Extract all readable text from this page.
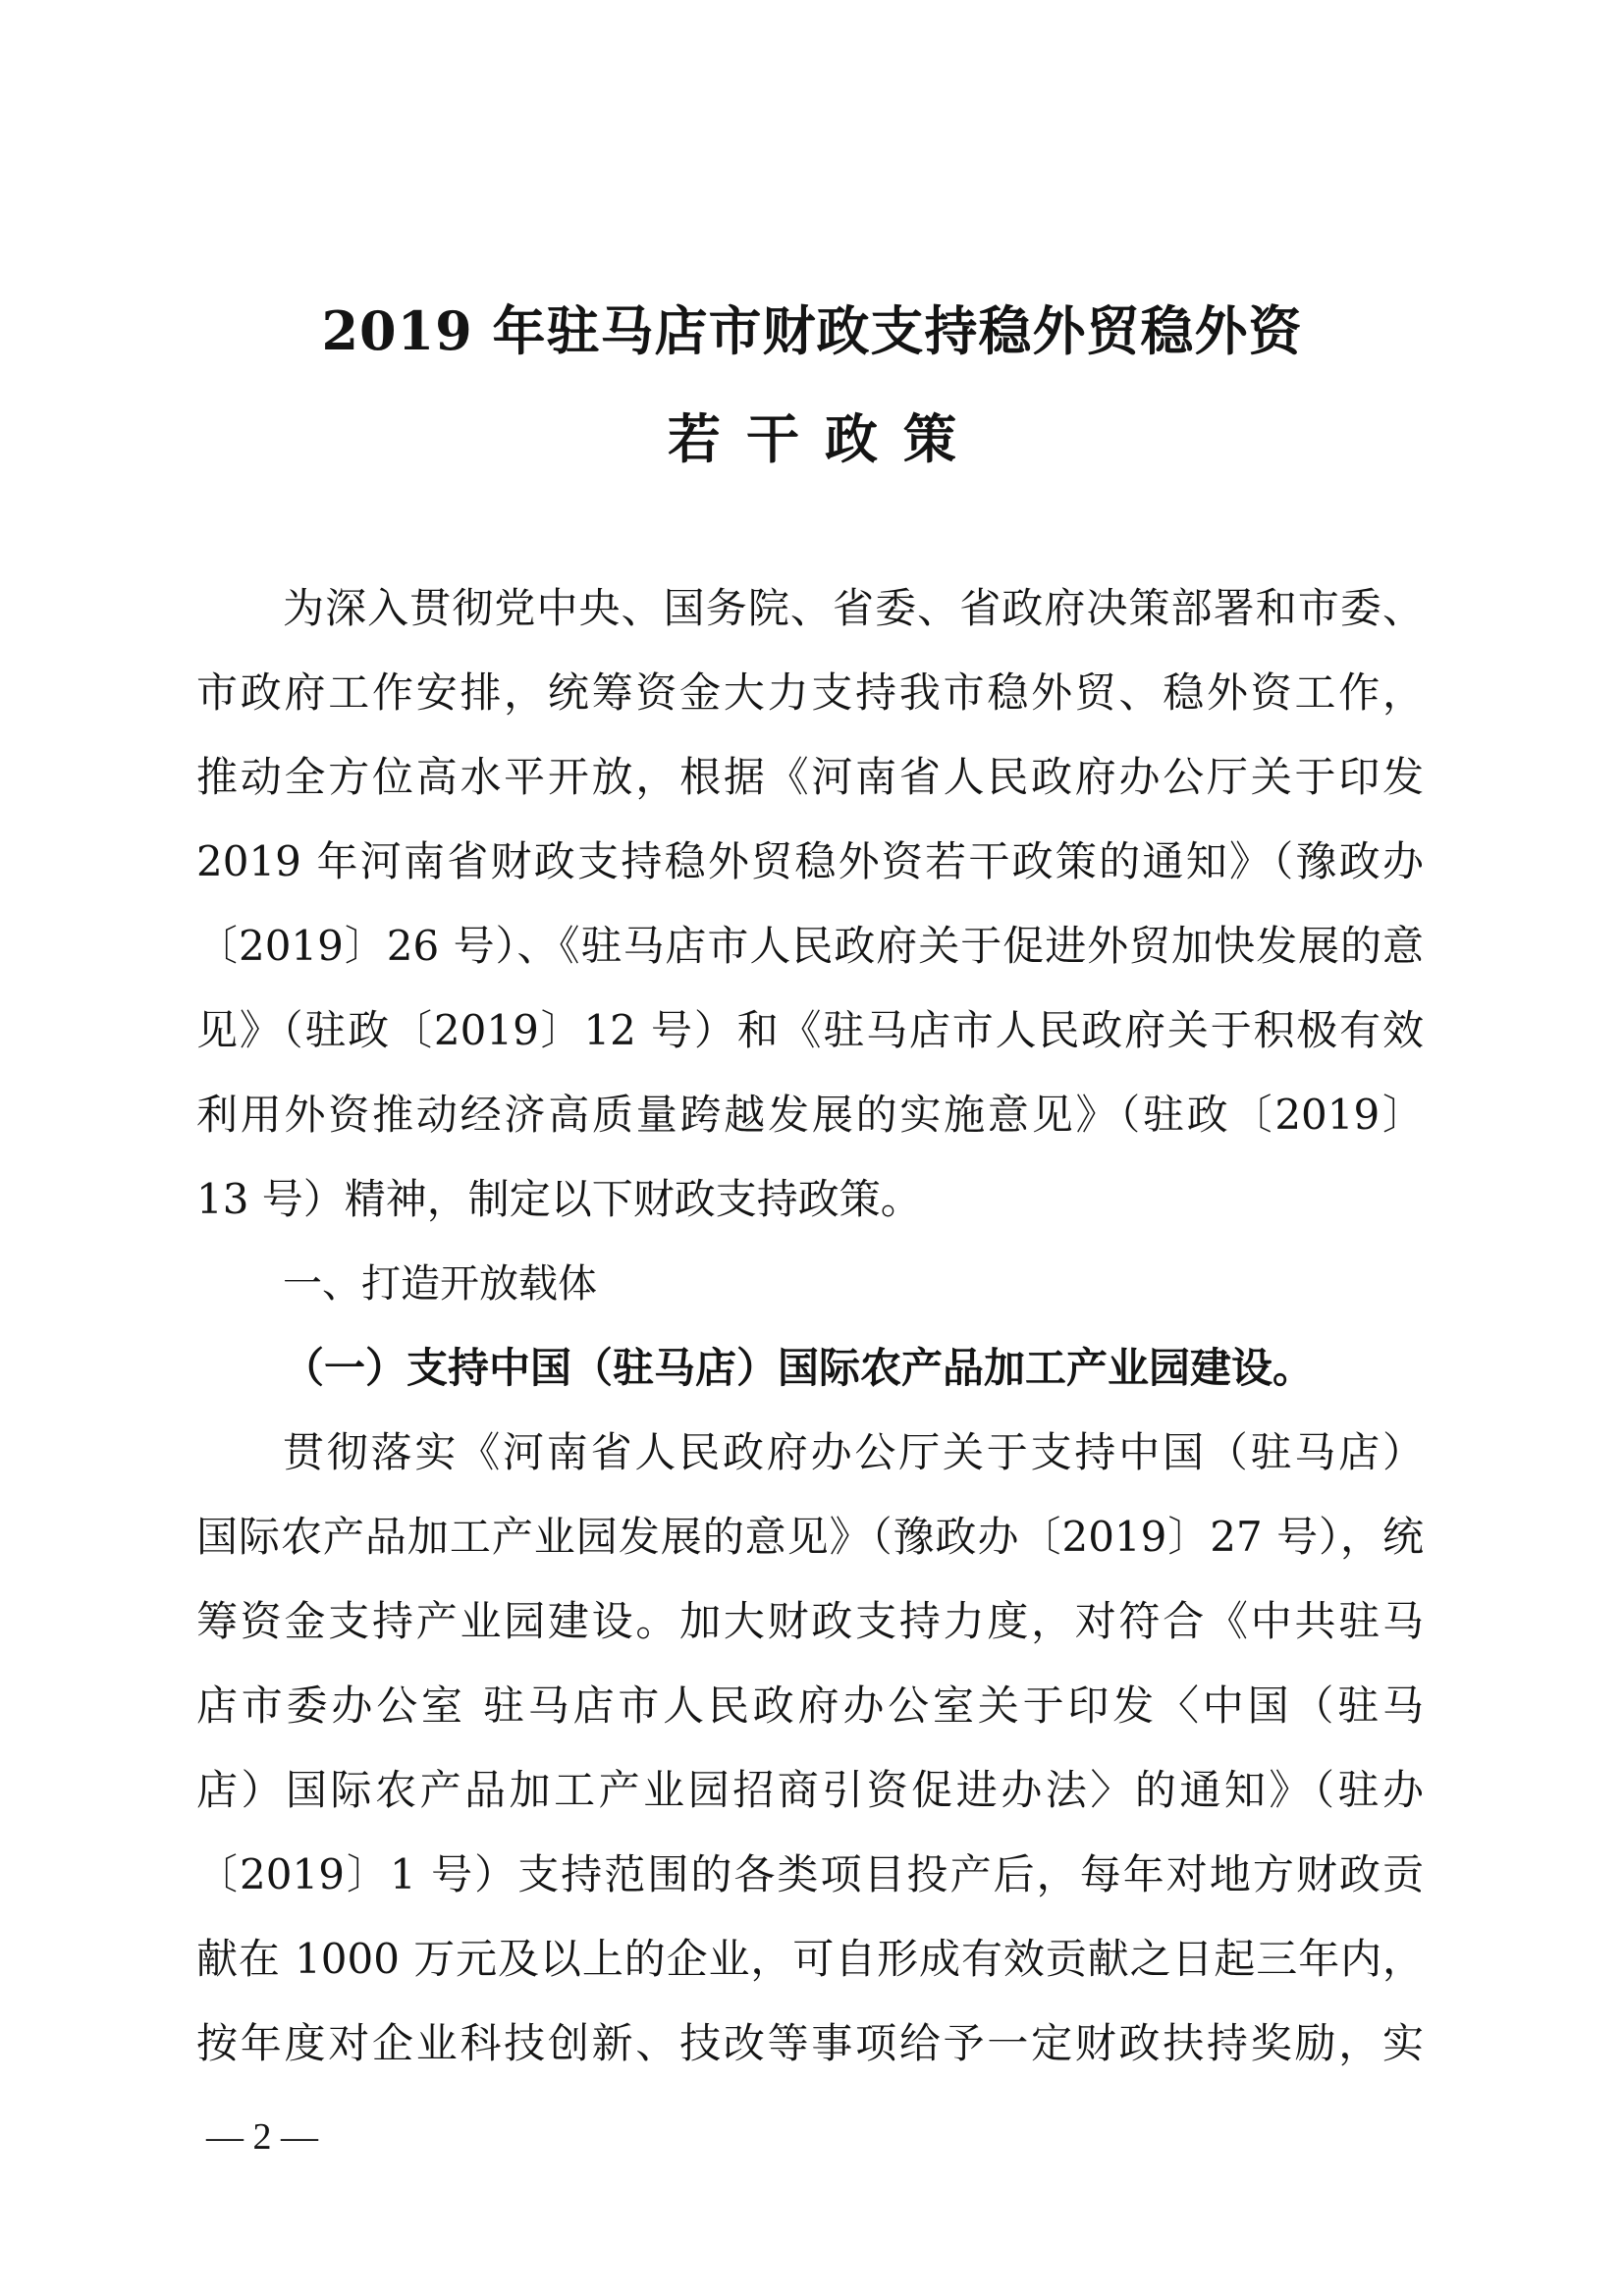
2019 年驻马店市财政支持稳外贸稳外资
若干政策
为深入贯彻党中央、国务院、省委、省政府决策部署和市委、
市政府工作安排，统筹资金大力支持我市稳外贸、稳外资工作，
推动全方位高水平开放，根据《河南省人民政府办公厅关于印发
2019 年河南省财政支持稳外贸稳外资若干政策的通知》（豫政办
〔2019〕26 号）、《驻马店市人民政府关于促进外贸加快发展的意
见》（驻政〔2019〕12 号）和《驻马店市人民政府关于积极有效
利用外资推动经济高质量跨越发展的实施意见》（驻政〔2019〕
13 号）精神，制定以下财政支持政策。
一、打造开放载体
（一）支持中国（驻马店）国际农产品加工产业园建设。
贯彻落实《河南省人民政府办公厅关于支持中国（驻马店）
国际农产品加工产业园发展的意见》（豫政办〔2019〕27 号），统
筹资金支持产业园建设。加大财政支持力度，对符合《中共驻马
店市委办公室 驻马店市人民政府办公室关于印发〈中国（驻马
店）国际农产品加工产业园招商引资促进办法〉的通知》（驻办
〔2019〕1 号）支持范围的各类项目投产后，每年对地方财政贡
献在 1000 万元及以上的企业，可自形成有效贡献之日起三年内，
按年度对企业科技创新、技改等事项给予一定财政扶持奖励，实
— 2 —
